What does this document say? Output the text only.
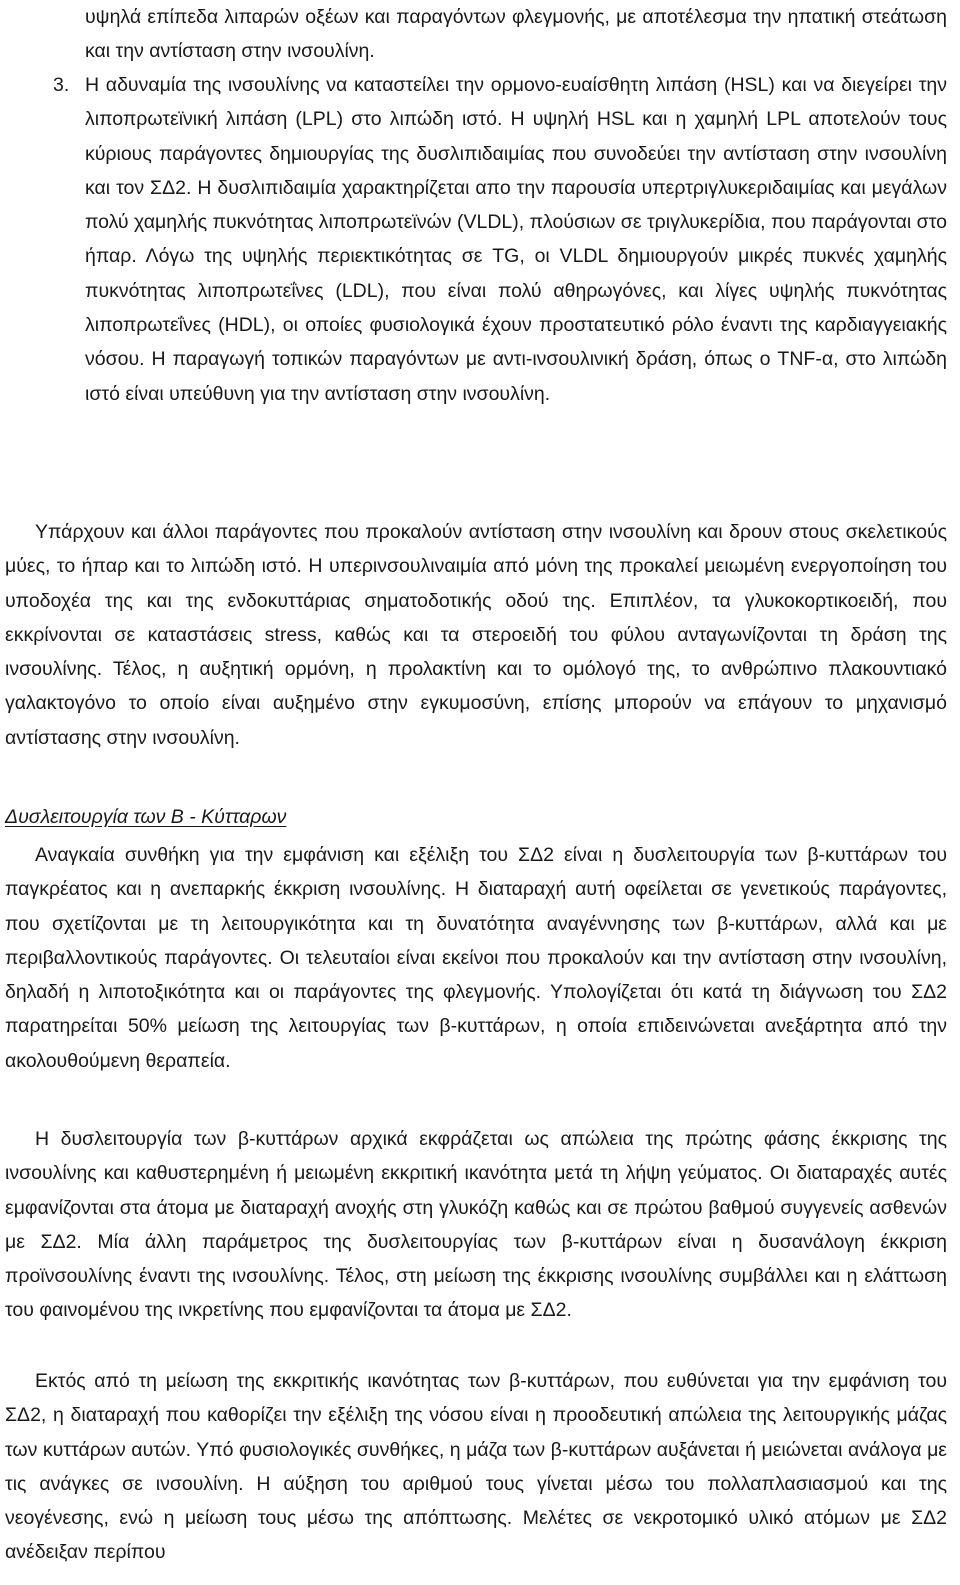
υψηλά επίπεδα λιπαρών οξέων και παραγόντων φλεγμονής, με αποτέλεσμα την ηπατική στεάτωση και την αντίσταση στην ινσουλίνη.

3. Η αδυναμία της ινσουλίνης να καταστείλει την ορμονο-ευαίσθητη λιπάση (HSL) και να διεγείρει την λιποπρωτεϊνική λιπάση (LPL) στο λιπώδη ιστό. Η υψηλή HSL και η χαμηλή LPL αποτελούν τους κύριους παράγοντες δημιουργίας της δυσλιπιδαιμίας που συνοδεύει την αντίσταση στην ινσουλίνη και τον ΣΔ2. Η δυσλιπιδαιμία χαρακτηρίζεται απο την παρουσία υπερτριγλυκεριδαιμίας και μεγάλων πολύ χαμηλής πυκνότητας λιποπρωτεϊνών (VLDL), πλούσιων σε τριγλυκερίδια, που παράγονται στο ήπαρ. Λόγω της υψηλής περιεκτικότητας σε TG, οι VLDL δημιουργούν μικρές πυκνές χαμηλής πυκνότητας λιποπρωτεΐνες (LDL), που είναι πολύ αθηρωγόνες, και λίγες υψηλής πυκνότητας λιποπρωτεΐνες (HDL), οι οποίες φυσιολογικά έχουν προστατευτικό ρόλο έναντι της καρδιαγγειακής νόσου. Η παραγωγή τοπικών παραγόντων με αντι-ινσουλινική δράση, όπως ο TNF-α, στο λιπώδη ιστό είναι υπεύθυνη για την αντίσταση στην ινσουλίνη.

Υπάρχουν και άλλοι παράγοντες που προκαλούν αντίσταση στην ινσουλίνη και δρουν στους σκελετικούς μύες, το ήπαρ και το λιπώδη ιστό. Η υπερινσουλιναιμία από μόνη της προκαλεί μειωμένη ενεργοποίηση του υποδοχέα της και της ενδοκυττάριας σηματοδοτικής οδού της. Επιπλέον, τα γλυκοκορτικοειδή, που εκκρίνονται σε καταστάσεις stress, καθώς και τα στεροειδή του φύλου ανταγωνίζονται τη δράση της ινσουλίνης. Τέλος, η αυξητική ορμόνη, η προλακτίνη και το ομόλογό της, το ανθρώπινο πλακουντιακό γαλακτογόνο το οποίο είναι αυξημένο στην εγκυμοσύνη, επίσης μπορούν να επάγουν το μηχανισμό αντίστασης στην ινσουλίνη.

Δυσλειτουργία των Β - Κύτταρων

Αναγκαία συνθήκη για την εμφάνιση και εξέλιξη του ΣΔ2 είναι η δυσλειτουργία των β-κυττάρων του παγκρέατος και η ανεπαρκής έκκριση ινσουλίνης. Η διαταραχή αυτή οφείλεται σε γενετικούς παράγοντες, που σχετίζονται με τη λειτουργικότητα και τη δυνατότητα αναγέννησης των β-κυττάρων, αλλά και με περιβαλλοντικούς παράγοντες. Οι τελευταίοι είναι εκείνοι που προκαλούν και την αντίσταση στην ινσουλίνη, δηλαδή η λιποτοξικότητα και οι παράγοντες της φλεγμονής. Υπολογίζεται ότι κατά τη διάγνωση του ΣΔ2 παρατηρείται 50% μείωση της λειτουργίας των β-κυττάρων, η οποία επιδεινώνεται ανεξάρτητα από την ακολουθούμενη θεραπεία.

Η δυσλειτουργία των β-κυττάρων αρχικά εκφράζεται ως απώλεια της πρώτης φάσης έκκρισης της ινσουλίνης και καθυστερημένη ή μειωμένη εκκριτική ικανότητα μετά τη λήψη γεύματος. Οι διαταραχές αυτές εμφανίζονται στα άτομα με διαταραχή ανοχής στη γλυκόζη καθώς και σε πρώτου βαθμού συγγενείς ασθενών με ΣΔ2. Μία άλλη παράμετρος της δυσλειτουργίας των β-κυττάρων είναι η δυσανάλογη έκκριση προϊνσουλίνης έναντι της ινσουλίνης. Τέλος, στη μείωση της έκκρισης ινσουλίνης συμβάλλει και η ελάττωση του φαινομένου της ινκρετίνης που εμφανίζονται τα άτομα με ΣΔ2.

Εκτός από τη μείωση της εκκριτικής ικανότητας των β-κυττάρων, που ευθύνεται για την εμφάνιση του ΣΔ2, η διαταραχή που καθορίζει την εξέλιξη της νόσου είναι η προοδευτική απώλεια της λειτουργικής μάζας των κυττάρων αυτών. Υπό φυσιολογικές συνθήκες, η μάζα των β-κυττάρων αυξάνεται ή μειώνεται ανάλογα με τις ανάγκες σε ινσουλίνη. Η αύξηση του αριθμού τους γίνεται μέσω του πολλαπλασιασμού και της νεογένεσης, ενώ η μείωση τους μέσω της απόπτωσης. Μελέτες σε νεκροτομικό υλικό ατόμων με ΣΔ2 ανέδειξαν περίπου
